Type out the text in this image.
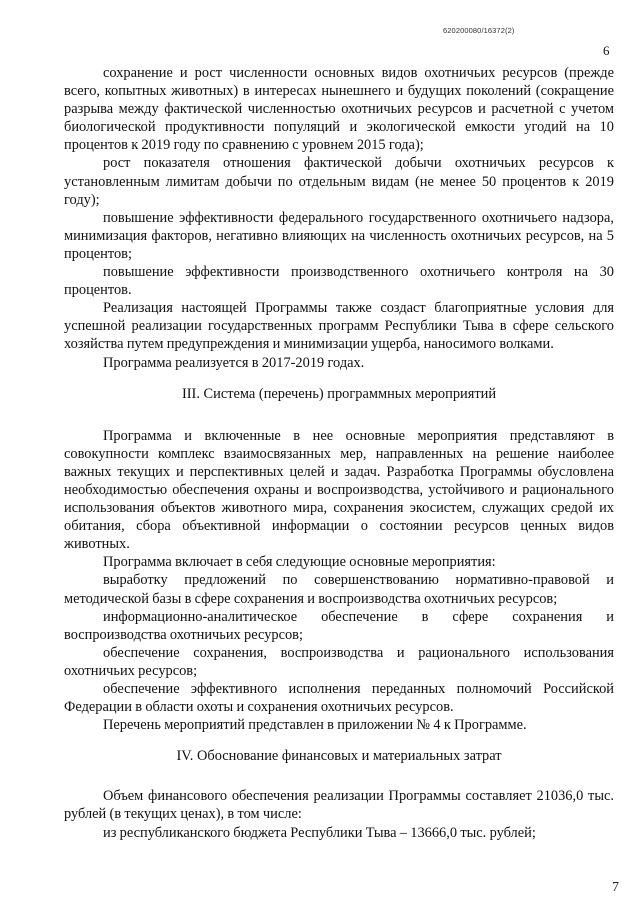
620200080/16372(2)
6

сохранение и рост численности основных видов охотничьих ресурсов (прежде всего, копытных животных) в интересах нынешнего и будущих поколений (сокращение разрыва между фактической численностью охотничьих ресурсов и расчетной с учетом биологической продуктивности популяций и экологической емкости угодий на 10 процентов к 2019 году по сравнению с уровнем 2015 года);

рост показателя отношения фактической добычи охотничьих ресурсов к установленным лимитам добычи по отдельным видам (не менее 50 процентов к 2019 году);

повышение эффективности федерального государственного охотничьего надзора, минимизация факторов, негативно влияющих на численность охотничьих ресурсов, на 5 процентов;

повышение эффективности производственного охотничьего контроля на 30 процентов.

Реализация настоящей Программы также создаст благоприятные условия для успешной реализации государственных программ Республики Тыва в сфере сельского хозяйства путем предупреждения и минимизации ущерба, наносимого волками.

Программа реализуется в 2017-2019 годах.

III. Система (перечень) программных мероприятий

Программа и включенные в нее основные мероприятия представляют в совокупности комплекс взаимосвязанных мер, направленных на решение наиболее важных текущих и перспективных целей и задач. Разработка Программы обусловлена необходимостью обеспечения охраны и воспроизводства, устойчивого и рационального использования объектов животного мира, сохранения экосистем, служащих средой их обитания, сбора объективной информации о состоянии ресурсов ценных видов животных.

Программа включает в себя следующие основные мероприятия:

выработку предложений по совершенствованию нормативно-правовой и методической базы в сфере сохранения и воспроизводства охотничьих ресурсов;

информационно-аналитическое обеспечение в сфере сохранения и воспроизводства охотничьих ресурсов;

обеспечение сохранения, воспроизводства и рационального использования охотничьих ресурсов;

обеспечение эффективного исполнения переданных полномочий Российской Федерации в области охоты и сохранения охотничьих ресурсов.

Перечень мероприятий представлен в приложении № 4 к Программе.

IV. Обоснование финансовых и материальных затрат

Объем финансового обеспечения реализации Программы составляет 21036,0 тыс. рублей (в текущих ценах), в том числе:

из республиканского бюджета Республики Тыва – 13666,0 тыс. рублей;

7
